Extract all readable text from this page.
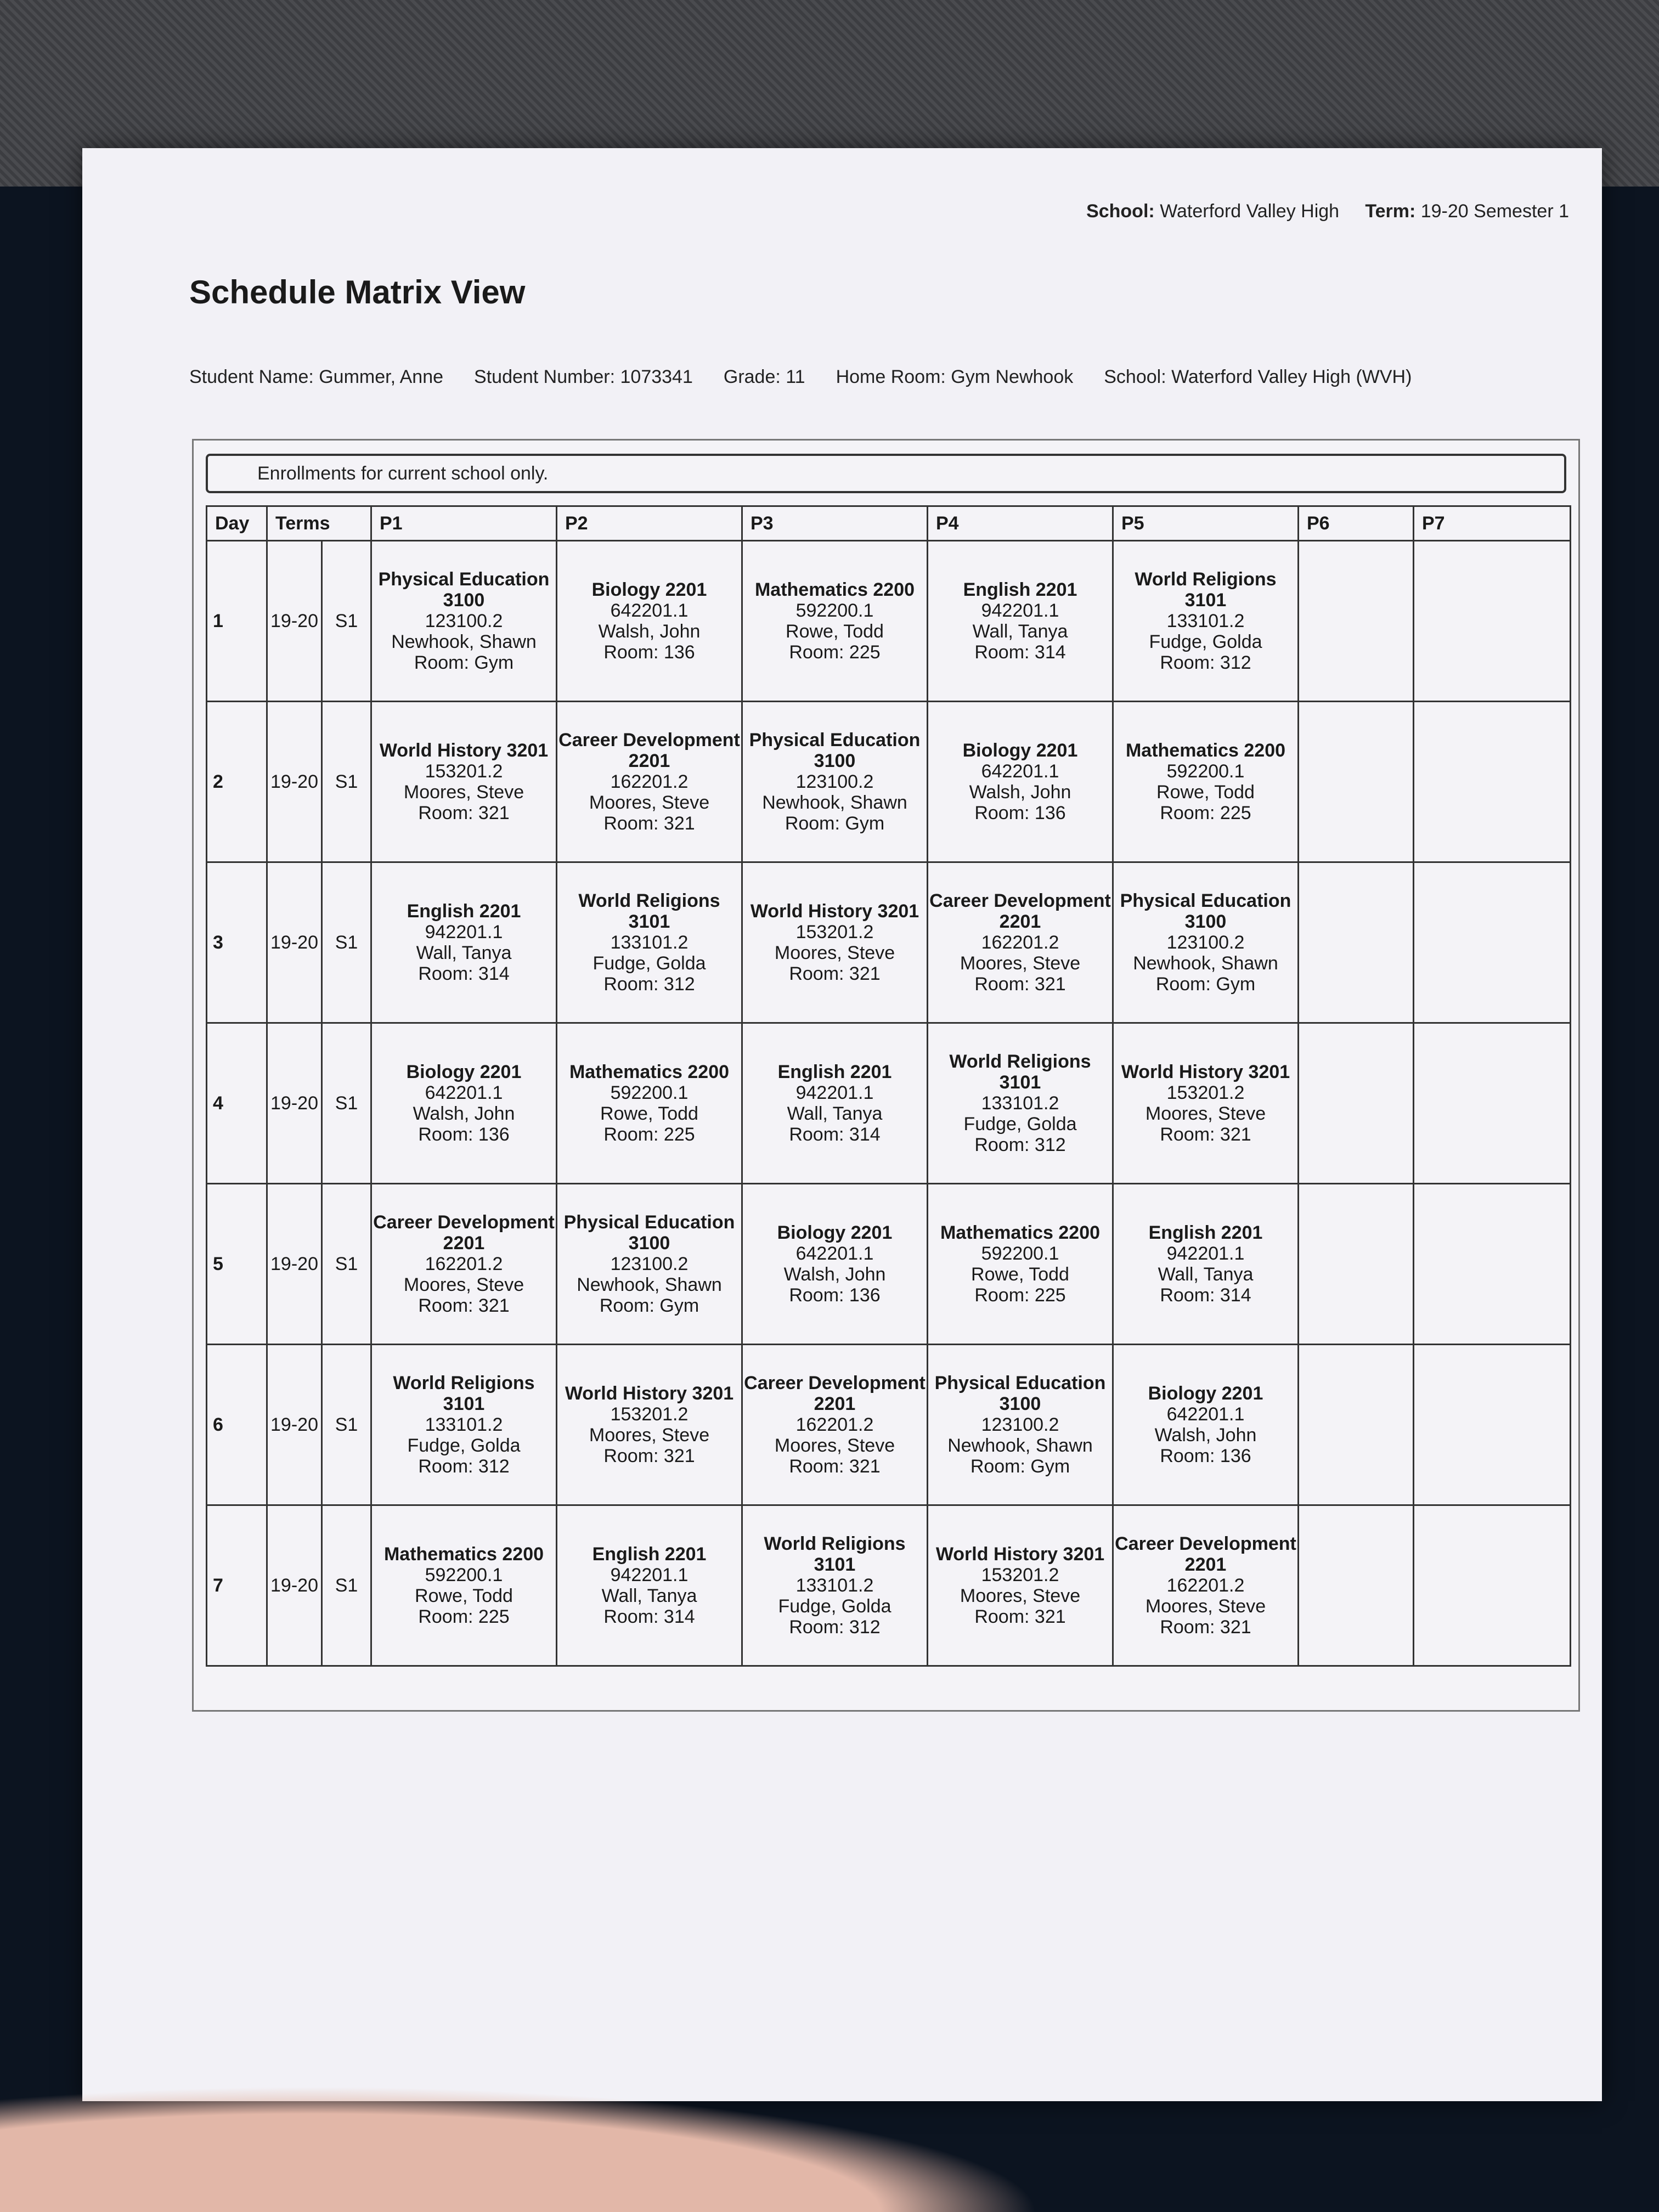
School: Waterford Valley High Term: 19-20 Semester 1
Schedule Matrix View
Student Name: Gummer, Anne Student Number: 1073341 Grade: 11 Home Room: Gym Newhook School: Waterford Valley High (WVH)
Enrollments for current school only.
Day	Terms		P1	P2	P3	P4	P5	P6	P7
1	19-20	S1	Physical Education 3100
123100.2
Newhook, Shawn
Room: Gym	Biology 2201
642201.1
Walsh, John
Room: 136	Mathematics 2200
592200.1
Rowe, Todd
Room: 225	English 2201
942201.1
Wall, Tanya
Room: 314	World Religions 3101
133101.2
Fudge, Golda
Room: 312		

2	19-20	S1	World History 3201
153201.2
Moores, Steve
Room: 321	Career Development 2201
162201.2
Moores, Steve
Room: 321	Physical Education 3100
123100.2
Newhook, Shawn
Room: Gym	Biology 2201
642201.1
Walsh, John
Room: 136	Mathematics 2200
592200.1
Rowe, Todd
Room: 225		

3	19-20	S1	English 2201
942201.1
Wall, Tanya
Room: 314	World Religions 3101
133101.2
Fudge, Golda
Room: 312	World History 3201
153201.2
Moores, Steve
Room: 321	Career Development 2201
162201.2
Moores, Steve
Room: 321	Physical Education 3100
123100.2
Newhook, Shawn
Room: Gym		

4	19-20	S1	Biology 2201
642201.1
Walsh, John
Room: 136	Mathematics 2200
592200.1
Rowe, Todd
Room: 225	English 2201
942201.1
Wall, Tanya
Room: 314	World Religions 3101
133101.2
Fudge, Golda
Room: 312	World History 3201
153201.2
Moores, Steve
Room: 321		

5	19-20	S1	Career Development 2201
162201.2
Moores, Steve
Room: 321	Physical Education 3100
123100.2
Newhook, Shawn
Room: Gym	Biology 2201
642201.1
Walsh, John
Room: 136	Mathematics 2200
592200.1
Rowe, Todd
Room: 225	English 2201
942201.1
Wall, Tanya
Room: 314		

6	19-20	S1	World Religions 3101
133101.2
Fudge, Golda
Room: 312	World History 3201
153201.2
Moores, Steve
Room: 321	Career Development 2201
162201.2
Moores, Steve
Room: 321	Physical Education 3100
123100.2
Newhook, Shawn
Room: Gym	Biology 2201
642201.1
Walsh, John
Room: 136		

7	19-20	S1	Mathematics 2200
592200.1
Rowe, Todd
Room: 225	English 2201
942201.1
Wall, Tanya
Room: 314	World Religions 3101
133101.2
Fudge, Golda
Room: 312	World History 3201
153201.2
Moores, Steve
Room: 321	Career Development 2201
162201.2
Moores, Steve
Room: 321		
